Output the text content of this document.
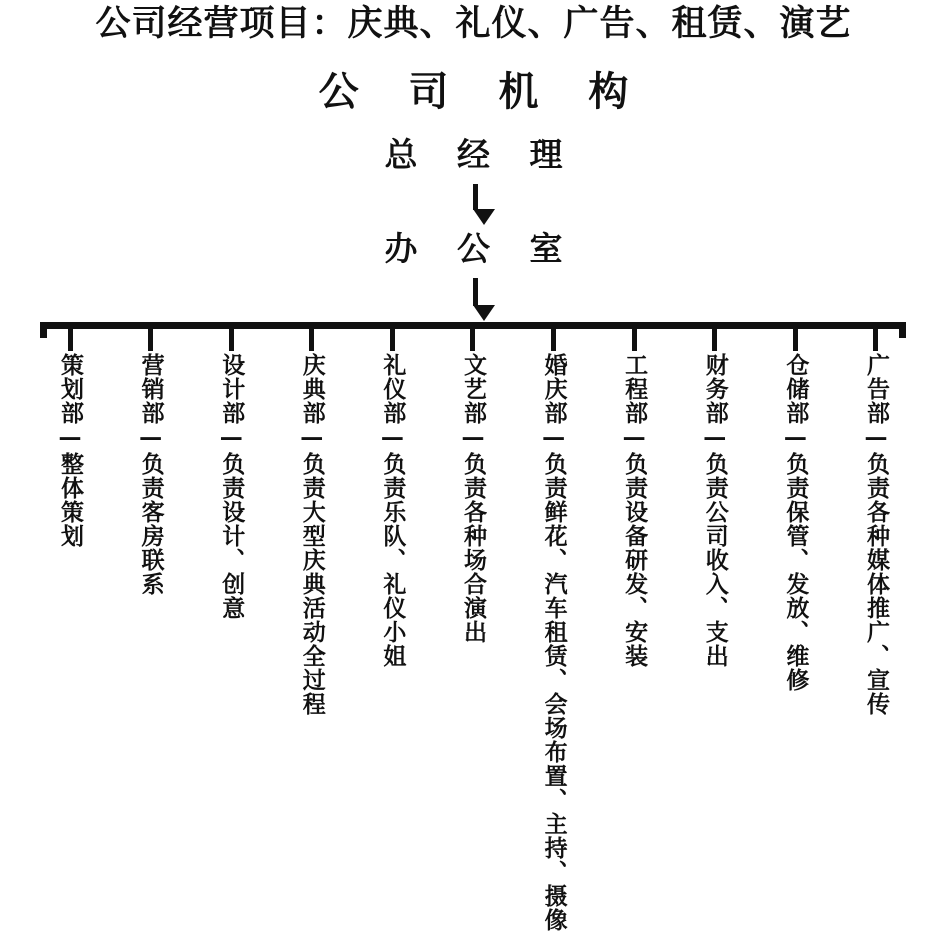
公司经营项目：庆典、礼仪、广告、租赁、演艺
公 司 机 构
总 经 理
办 公 室
策划部—整体策划 营销部—负责客房联系 设计部—负责设计、创意 庆典部—负责大型庆典活动全过程 礼仪部—负责乐队、礼仪小姐 文艺部—负责各种场合演出 婚庆部—负责鲜花、汽车租赁、会场布置、主持、摄像 工程部—负责设备研发、安装 财务部—负责公司收入、支出 仓储部—负责保管、发放、维修 广告部—负责各种媒体推广、宣传
